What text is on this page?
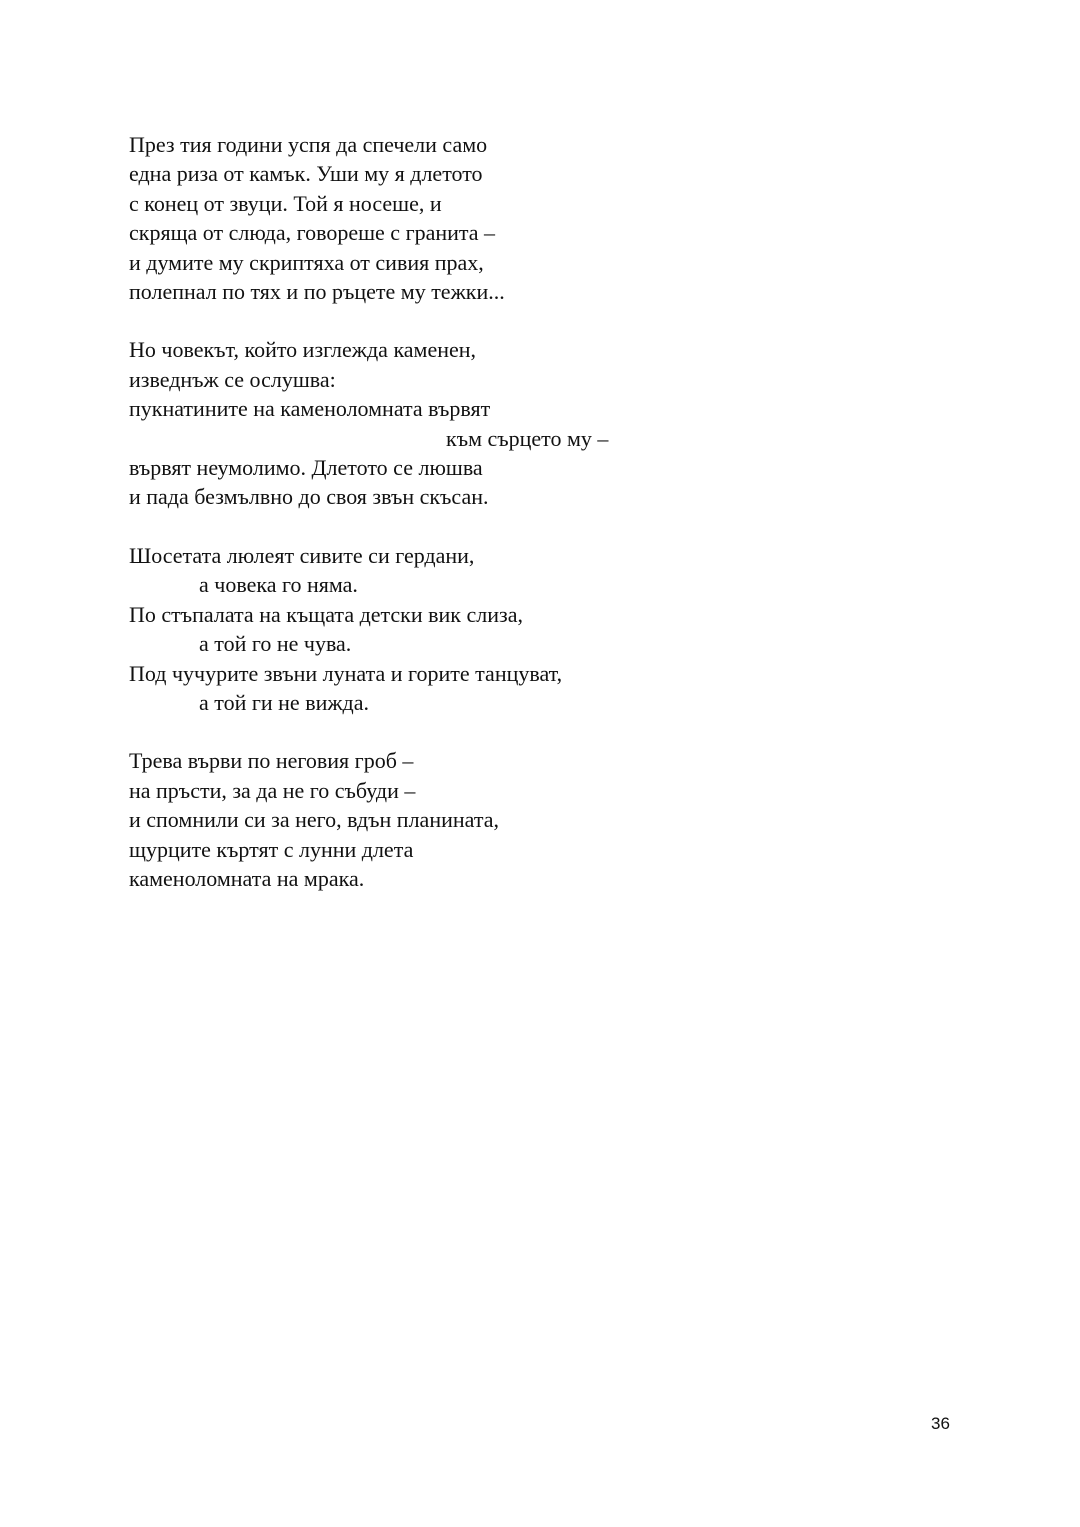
През тия години успя да спечели само
една риза от камък. Уши му я длетото
с конец от звуци. Той я носеше, и
скряща от слюда, говореше с гранита –
и думите му скриптяха от сивия прах,
полепнал по тях и по ръцете му тежки...
Но човекът, който изглежда каменен,
изведнъж се ослушва:
пукнатините на каменоломната вървят
към сърцето му –
вървят неумолимо. Длетото се люшва
и пада безмълвно до своя звън скъсан.
Шосетата люлеят сивите си гердани,
а човека го няма.
По стъпалата на къщата детски вик слиза,
а той го не чува.
Под чучурите звъни луната и горите танцуват,
а той ги не вижда.
Трева върви по неговия гроб –
на пръсти, за да не го събуди –
и спомнили си за него, вдън планината,
щурците къртят с лунни длета
каменоломната на мрака.
36
